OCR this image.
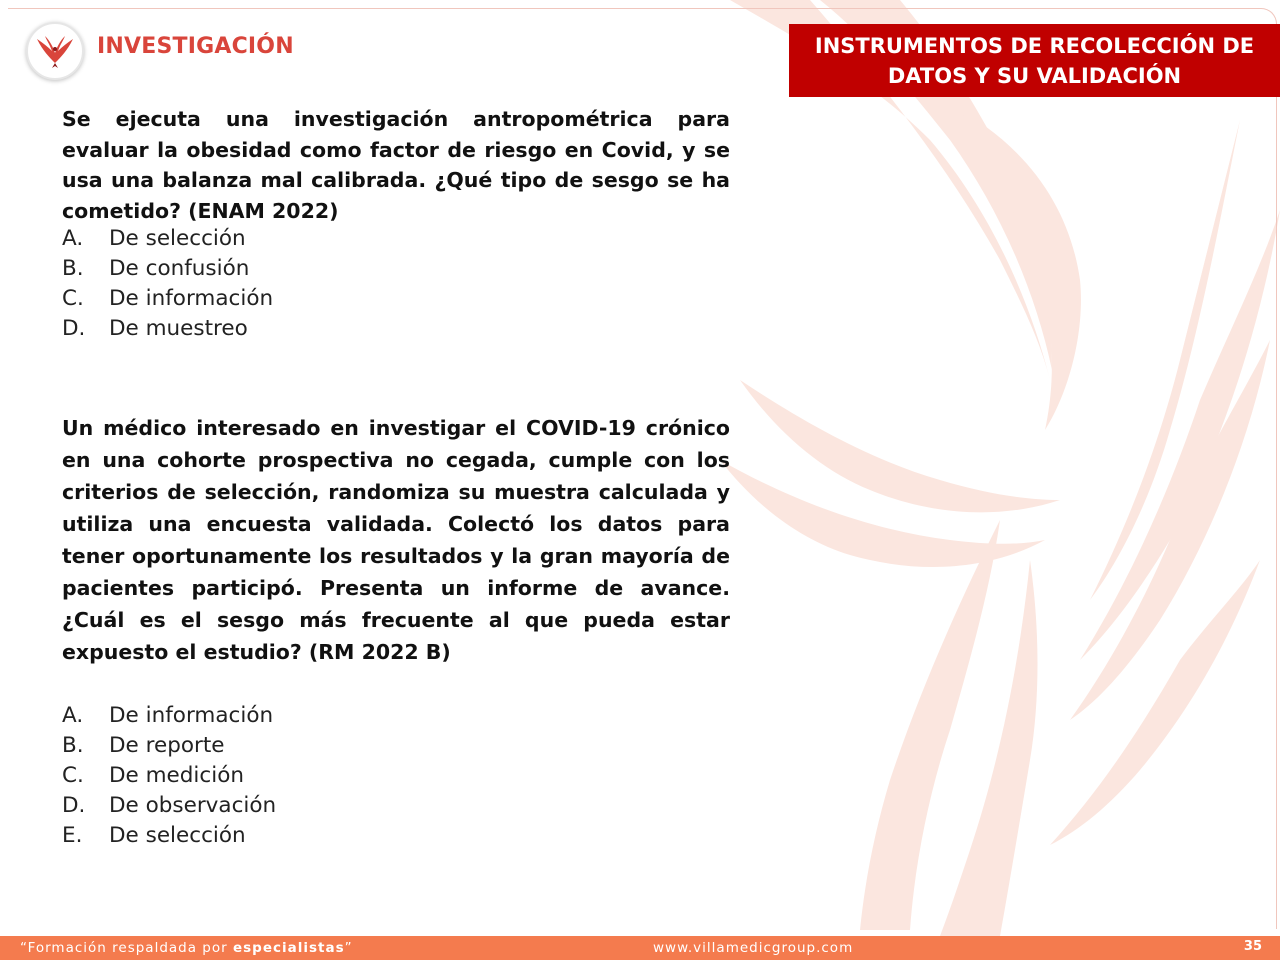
INVESTIGACIÓN	INSTRUMENTOS DE RECOLECCIÓN DE
DATOS Y SU VALIDACIÓN
Se ejecuta una investigación antropométrica para evaluar la obesidad como factor de riesgo en Covid, y se usa una balanza mal calibrada. ¿Qué tipo de sesgo se ha cometido? (ENAM 2022)
A.	De selección
B.	De confusión
C.	De información
D.	De muestreo
Un médico interesado en investigar el COVID-19 crónico en una cohorte prospectiva no cegada, cumple con los criterios de selección, randomiza su muestra calculada y utiliza una encuesta validada. Colectó los datos para tener oportunamente los resultados y la gran mayoría de pacientes participó. Presenta un informe de avance. ¿Cuál es el sesgo más frecuente al que pueda estar expuesto el estudio? (RM 2022 B)
A.	De información
B.	De reporte
C.	De medición
D.	De observación
E.	De selección
“Formación respaldada por especialistas”	www.villamedicgroup.com	35
